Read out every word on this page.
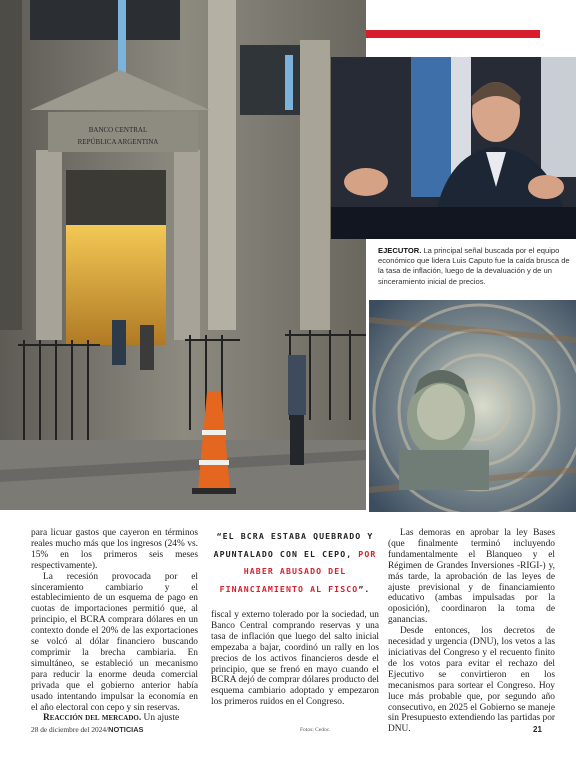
BANCO CENTRAL
REPÚBLICA ARGENTINA
EJECUTOR. La principal señal buscada por el equipo económico que lidera Luis Caputo fue la caída brusca de la tasa de inflación, luego de la devaluación y de un sinceramiento inicial de precios.

para licuar gastos que cayeron en términos reales mucho más que los ingresos (24% vs. 15% en los primeros seis meses respectivamente).

La recesión provocada por el sinceramiento cambiario y el establecimiento de un esquema de pago en cuotas de importaciones permitió que, al principio, el BCRA comprara dólares en un contexto donde el 20% de las exportaciones se volcó al dólar financiero buscando comprimir la brecha cambiaria. En simultáneo, se estableció un mecanismo para reducir la enorme deuda comercial privada que el gobierno anterior había usado intentando impulsar la economía en el año electoral con cepo y sin reservas.

Reacción del mercado. Un ajuste

“EL BCRA ESTABA QUEBRADO Y APUNTALADO CON EL CEPO, POR HABER ABUSADO DEL FINANCIAMIENTO AL FISCO”.

fiscal y externo tolerado por la sociedad, un Banco Central comprando reservas y una tasa de inflación que luego del salto inicial empezaba a bajar, coordinó un rally en los precios de los activos financieros desde el principio, que se frenó en mayo cuando el BCRA dejó de comprar dólares producto del esquema cambiario adoptado y empezaron los primeros ruidos en el Congreso.

Las demoras en aprobar la ley Bases (que finalmente terminó incluyendo fundamentalmente el Blanqueo y el Régimen de Grandes Inversiones -RIGI-) y, más tarde, la aprobación de las leyes de ajuste previsional y de financiamiento educativo (ambas impulsadas por la oposición), coordinaron la toma de ganancias.

Desde entonces, los decretos de necesidad y urgencia (DNU), los vetos a las iniciativas del Congreso y el recuento finito de los votos para evitar el rechazo del Ejecutivo se convirtieron en los mecanismos para sortear el Congreso. Hoy luce más probable que, por segundo año consecutivo, en 2025 el Gobierno se maneje sin Presupuesto extendiendo las partidas por DNU.

28 de diciembre del 2024/NOTICIAS	Fotos: Cedoc.	21
